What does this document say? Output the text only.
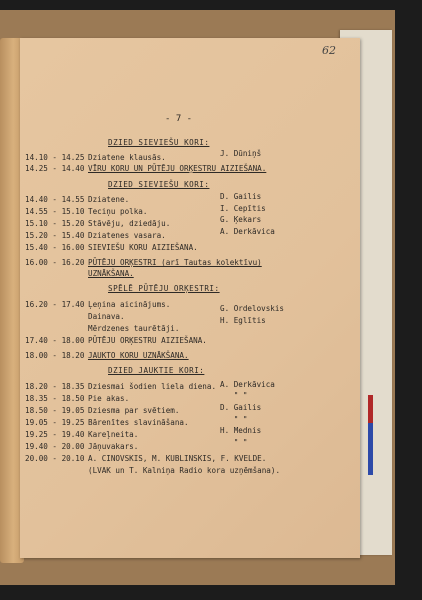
62
- 7 -
DZIED SIEVIEŠU KORI:
14.10 - 14.25 Dziatene klausās.	J. Dūniņš
14.25 - 14.40 VĪRU KORU UN PŪTĒJU ORĶESTRU AIZIEŠANA.
DZIED SIEVIEŠU KORI:
14.40 - 14.55 Dziatene.	D. Gailis
14.55 - 15.10 Teciņu polka.	I. Cepītis
15.10 - 15.20 Stāvēju, dziedāju.	G. Ķekars
15.20 - 15.40 Dziatenes vasara.	A. Derkāvica
15.40 - 16.00 SIEVIEŠU KORU AIZIEŠANA.
16.00 - 16.20 PŪTĒJU ORĶESTRI (arī Tautas kolektīvu)
UZNĀKŠANA.
SPĒLĒ PŪTĒJU ORĶESTRI:
16.20 - 17.40 Ļeņina aicinājums.	G. Ordelovskis
Dainava.	H. Eglītis
Mērdzenes taurētāji.
17.40 - 18.00 PŪTĒJU ORĶESTRU AIZIEŠANA.
18.00 - 18.20 JAUKTO KORU UZNĀKŠANA.
DZIED JAUKTIE KORI:
18.20 - 18.35 Dziesmai šodien liela diena. A. Derkāvica
18.35 - 18.50 Pie akas.	" "
18.50 - 19.05 Dziesma par svētiem.	D. Gailis
19.05 - 19.25 Bārenītes slavināšana.	" "
19.25 - 19.40 Kareļneita.	H. Mednis
19.40 - 20.00 Jāņuvakars.	" "
20.00 - 20.10 A. CINOVSKIS, M. KUBLINSKIS, F. KVELDE.
(LVAK un T. Kalniņa Radio kora uzņēmšana).
